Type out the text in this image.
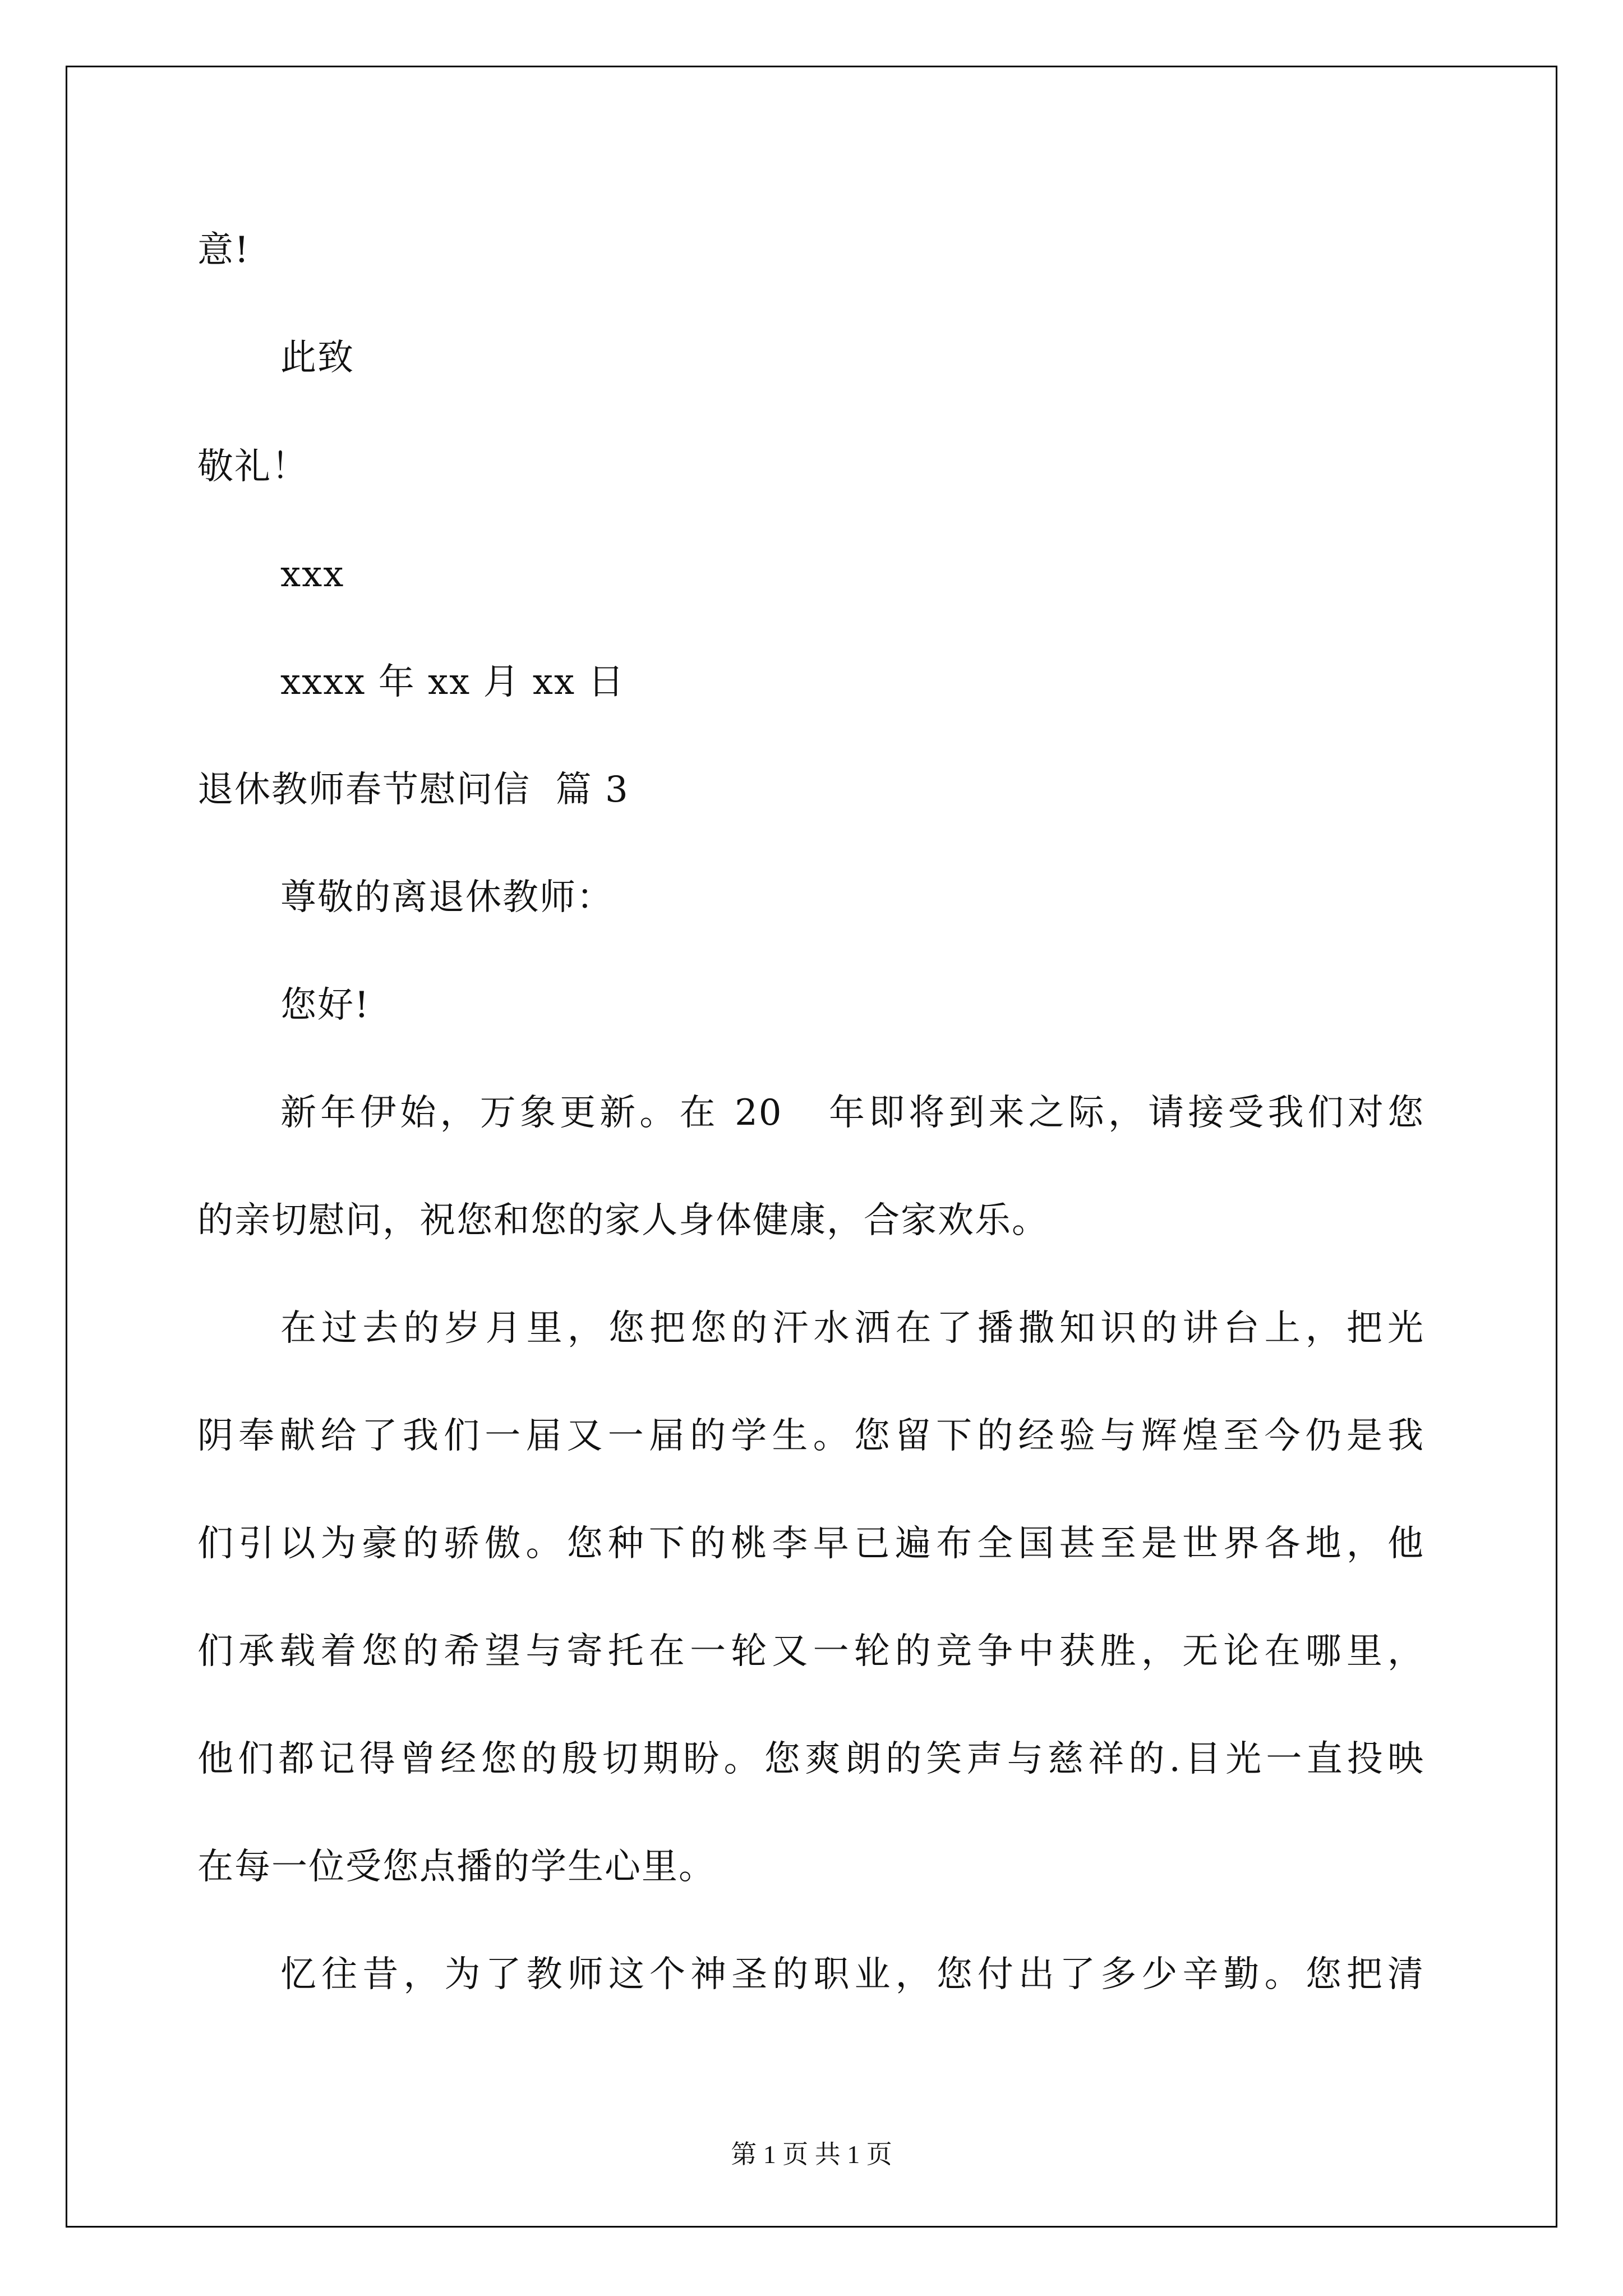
意!
此致
敬礼！
xxx
xxxx 年 xx 月 xx 日
退休教师春节慰问信  篇 3
尊敬的离退休教师：
您好!
新年伊始，万象更新。在 20   年即将到来之际，请接受我们对您
的亲切慰问，祝您和您的家人身体健康，合家欢乐。
在过去的岁月里，您把您的汗水洒在了播撒知识的讲台上，把光
阴奉献给了我们一届又一届的学生。您留下的经验与辉煌至今仍是我
们引以为豪的骄傲。您种下的桃李早已遍布全国甚至是世界各地，他
们承载着您的希望与寄托在一轮又一轮的竞争中获胜，无论在哪里，
他们都记得曾经您的殷切期盼。您爽朗的笑声与慈祥的.目光一直投映
在每一位受您点播的学生心里。
忆往昔，为了教师这个神圣的职业，您付出了多少辛勤。您把清
第 1 页 共 1 页
